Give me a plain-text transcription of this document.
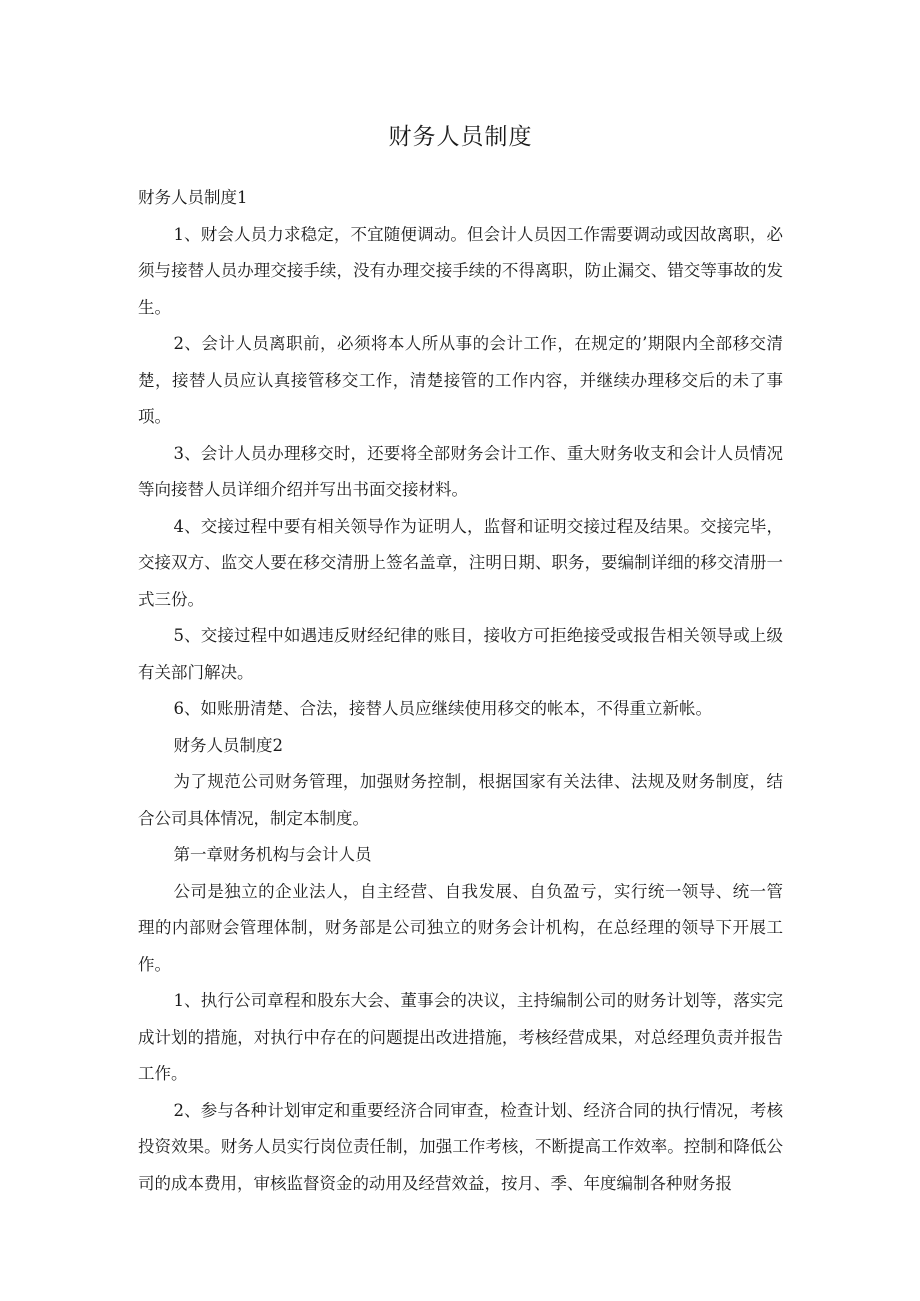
财务人员制度

财务人员制度1

1、财会人员力求稳定，不宜随便调动。但会计人员因工作需要调动或因故离职，必须与接替人员办理交接手续，没有办理交接手续的不得离职，防止漏交、错交等事故的发生。

2、会计人员离职前，必须将本人所从事的会计工作，在规定的’期限内全部移交清楚，接替人员应认真接管移交工作，清楚接管的工作内容，并继续办理移交后的未了事项。

3、会计人员办理移交时，还要将全部财务会计工作、重大财务收支和会计人员情况等向接替人员详细介绍并写出书面交接材料。

4、交接过程中要有相关领导作为证明人，监督和证明交接过程及结果。交接完毕，交接双方、监交人要在移交清册上签名盖章，注明日期、职务，要编制详细的移交清册一式三份。

5、交接过程中如遇违反财经纪律的账目，接收方可拒绝接受或报告相关领导或上级有关部门解决。

6、如账册清楚、合法，接替人员应继续使用移交的帐本，不得重立新帐。

财务人员制度2

为了规范公司财务管理，加强财务控制，根据国家有关法律、法规及财务制度，结合公司具体情况，制定本制度。

第一章财务机构与会计人员

公司是独立的企业法人，自主经营、自我发展、自负盈亏，实行统一领导、统一管理的内部财会管理体制，财务部是公司独立的财务会计机构，在总经理的领导下开展工作。

1、执行公司章程和股东大会、董事会的决议，主持编制公司的财务计划等，落实完成计划的措施，对执行中存在的问题提出改进措施，考核经营成果，对总经理负责并报告工作。

2、参与各种计划审定和重要经济合同审查，检查计划、经济合同的执行情况，考核投资效果。财务人员实行岗位责任制，加强工作考核，不断提高工作效率。控制和降低公司的成本费用，审核监督资金的动用及经营效益，按月、季、年度编制各种财务报
